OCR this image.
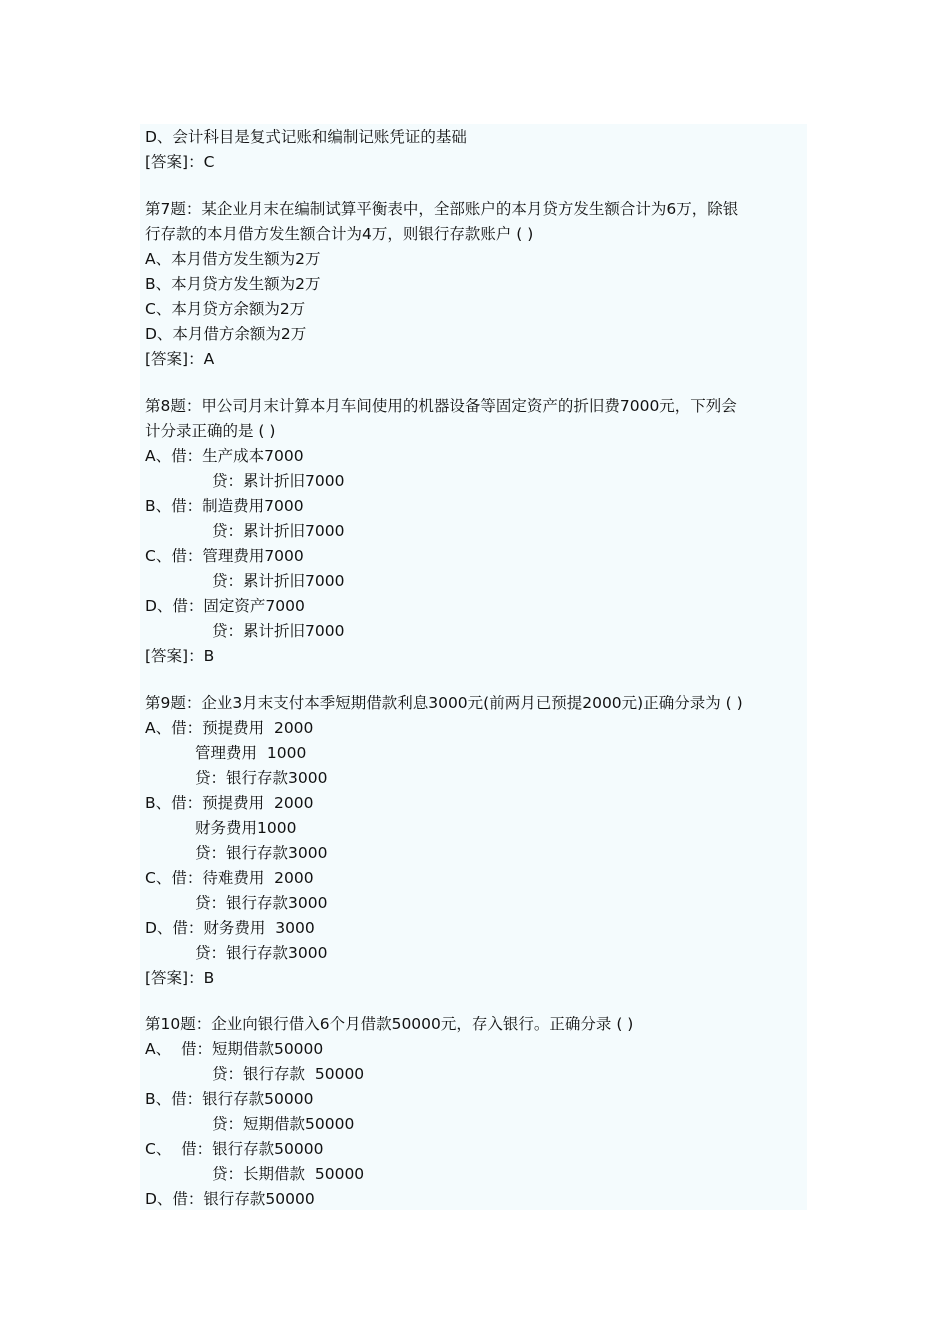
D、会计科目是复式记账和编制记账凭证的基础
[答案]：C
第7题：某企业月末在编制试算平衡表中，全部账户的本月贷方发生额合计为6万，除银
行存款的本月借方发生额合计为4万，则银行存款账户 ( )
A、本月借方发生额为2万
B、本月贷方发生额为2万
C、本月贷方余额为2万
D、本月借方余额为2万
[答案]：A
第8题：甲公司月末计算本月车间使用的机器设备等固定资产的折旧费7000元，下列会
计分录正确的是 ( )
A、借：生产成本7000
贷：累计折旧7000
B、借：制造费用7000
贷：累计折旧7000
C、借：管理费用7000
贷：累计折旧7000
D、借：固定资产7000
贷：累计折旧7000
[答案]：B
第9题：企业3月末支付本季短期借款利息3000元(前两月已预提2000元)正确分录为 ( )
A、借：预提费用  2000
管理费用  1000
贷：银行存款3000
B、借：预提费用  2000
财务费用1000
贷：银行存款3000
C、借：待难费用  2000
贷：银行存款3000
D、借：财务费用  3000
贷：银行存款3000
[答案]：B
第10题：企业向银行借入6个月借款50000元，存入银行。正确分录 ( )
A、  借：短期借款50000
贷：银行存款  50000
B、借：银行存款50000
贷：短期借款50000
C、  借：银行存款50000
贷：长期借款  50000
D、借：银行存款50000
